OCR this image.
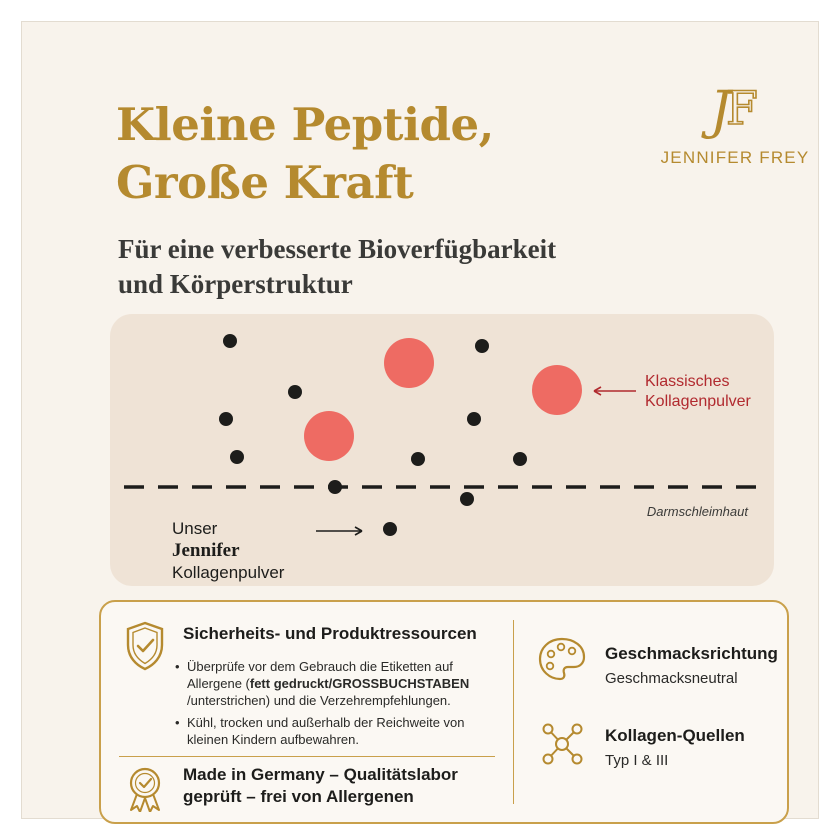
Kleine Peptide,
Große Kraft
Für eine verbesserte Bioverfügbarkeit
und Körperstruktur
J
F
JENNIFER FREY
Klassisches
Kollagenpulver
Darmschleimhaut
Unser
Jennifer
Kollagenpulver
Sicherheits- und Produktressourcen
• Überprüfe vor dem Gebrauch die Etiketten auf Allergene (fett gedruckt/GROSSBUCHSTABEN /unterstrichen) und die Verzehrempfehlungen.
• Kühl, trocken und außerhalb der Reichweite von kleinen Kindern aufbewahren.

Made in Germany – Qualitätslabor
geprüft – frei von Allergenen

Geschmacksrichtung

Geschmacksneutral

Kollagen-Quellen

Typ I & III
